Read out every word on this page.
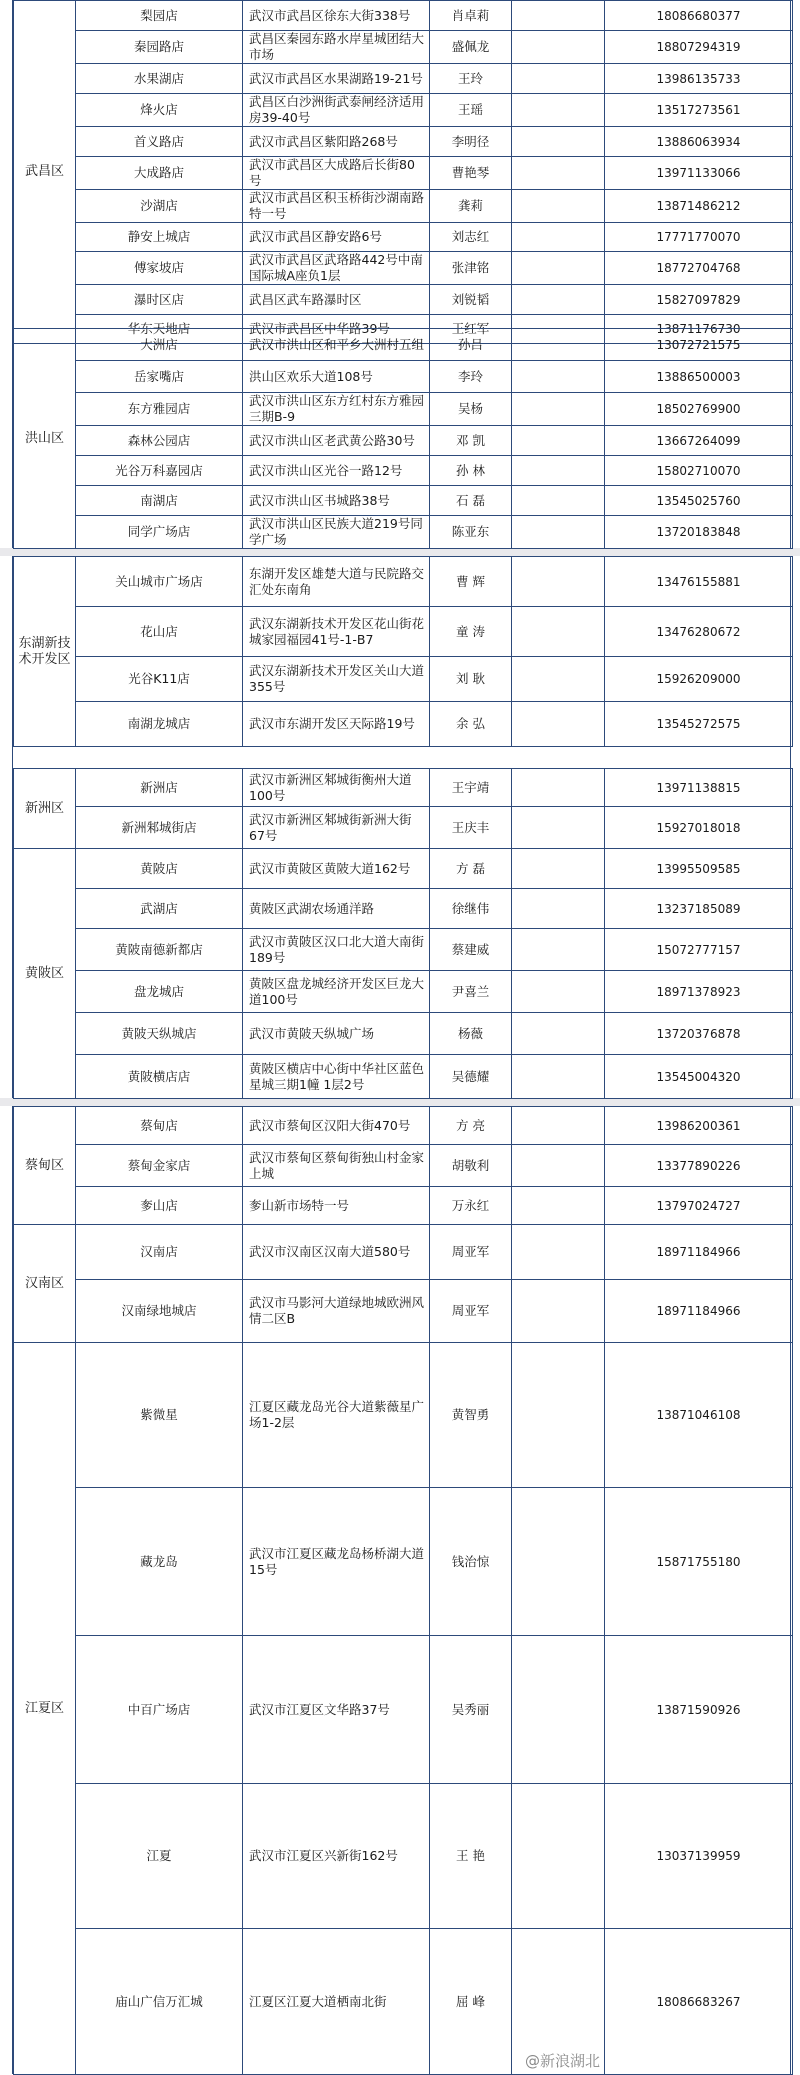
武昌区	梨园店	武汉市武昌区徐东大街338号	肖卓莉		18086680377
	秦园路店	武昌区秦园东路水岸星城团结大市场	盛佩龙		18807294319
	水果湖店	武汉市武昌区水果湖路19-21号	王玲		13986135733
	烽火店	武昌区白沙洲街武泰闸经济适用房39-40号	王瑶		13517273561
	首义路店	武汉市武昌区紫阳路268号	李明径		13886063934
	大成路店	武汉市武昌区大成路后长街80号	曹艳琴		13971133066
	沙湖店	武汉市武昌区积玉桥街沙湖南路特一号	龚莉		13871486212
	静安上城店	武汉市武昌区静安路6号	刘志红		17771770070
	傅家坡店	武汉市武昌区武珞路442号中南国际城A座负1层	张津铭		18772704768
	瀑时区店	武昌区武车路瀑时区	刘锐韬		15827097829
	华东天地店	武汉市武昌区中华路39号	王红军		13871176730
洪山区	大洲店	武汉市洪山区和平乡大洲村五组	孙吕		13072721575
	岳家嘴店	洪山区欢乐大道108号	李玲		13886500003
	东方雅园店	武汉市洪山区东方红村东方雅园三期B-9	吴杨		18502769900
	森林公园店	武汉市洪山区老武黄公路30号	邓 凯		13667264099
	光谷万科嘉园店	武汉市洪山区光谷一路12号	孙 林		15802710070
	南湖店	武汉市洪山区书城路38号	石 磊		13545025760
	同学广场店	武汉市洪山区民族大道219号同学广场	陈亚东		13720183848
东湖新技术开发区	关山城市广场店	东湖开发区雄楚大道与民院路交汇处东南角	曹 辉		13476155881
	花山店	武汉东湖新技术开发区花山街花城家园福园41号-1-B7	童 涛		13476280672
	光谷K11店	武汉东湖新技术开发区关山大道355号	刘 耿		15926209000
	南湖龙城店	武汉市东湖开发区天际路19号	余 弘		13545272575
新洲区	新洲店	武汉市新洲区邾城街衡州大道100号	王宇靖		13971138815
	新洲邾城街店	武汉市新洲区邾城街新洲大街67号	王庆丰		15927018018
黄陂区	黄陂店	武汉市黄陂区黄陂大道162号	方 磊		13995509585
	武湖店	黄陂区武湖农场通洋路	徐继伟		13237185089
	黄陂南德新都店	武汉市黄陂区汉口北大道大南街189号	蔡建威		15072777157
	盘龙城店	黄陂区盘龙城经济开发区巨龙大道100号	尹喜兰		18971378923
	黄陂天纵城店	武汉市黄陂天纵城广场	杨薇		13720376878
	黄陂横店店	黄陂区横店中心街中华社区蓝色星城三期1幢 1层2号	吴德耀		13545004320
蔡甸区	蔡甸店	武汉市蔡甸区汉阳大街470号	方 亮		13986200361
	蔡甸金家店	武汉市蔡甸区蔡甸街独山村金家上城	胡敬利		13377890226
	奓山店	奓山新市场特一号	万永红		13797024727
汉南区	汉南店	武汉市汉南区汉南大道580号	周亚军		18971184966
	汉南绿地城店	武汉市马影河大道绿地城欧洲风情二区B	周亚军		18971184966
江夏区	紫微星	江夏区藏龙岛光谷大道紫薇星广场1-2层	黄智勇		13871046108
	藏龙岛	武汉市江夏区藏龙岛杨桥湖大道15号	钱治惊		15871755180
	中百广场店	武汉市江夏区文华路37号	吴秀丽		13871590926
	江夏	武汉市江夏区兴新街162号	王 艳		13037139959
	庙山广信万汇城	江夏区江夏大道栖南北街	屈 峰		18086683267
@新浪湖北
